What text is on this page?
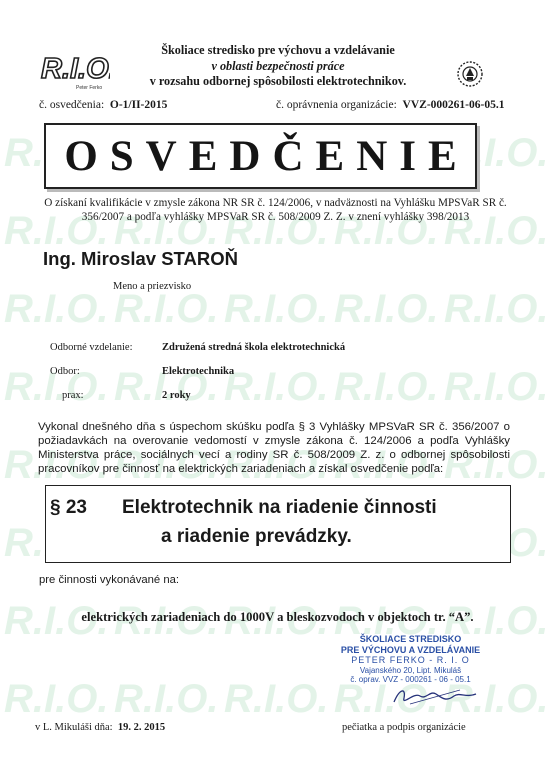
R.I.O.
Peter Ferko
Školiace stredisko pre výchovu a vzdelávanie
v oblasti bezpečnosti práce
v rozsahu odbornej spôsobilosti elektrotechnikov.
č. osvedčenia: O-1/II-2015	č. oprávnenia organizácie: VVZ-000261-06-05.1
OSVEDČENIE
O získaní kvalifikácie v zmysle zákona NR SR č. 124/2006, v nadväznosti na Vyhlášku MPSVaR SR č. 356/2007 a podľa vyhlášky MPSVaR SR č. 508/2009 Z. Z. v znení vyhlášky 398/2013
Ing. Miroslav STAROŇ
Meno a priezvisko
Odborné vzdelanie:	Združená stredná škola elektrotechnická
Odbor:	Elektrotechnika
prax:	2 roky
Vykonal dnešného dňa s úspechom skúšku podľa § 3 Vyhlášky MPSVaR SR č. 356/2007 o požiadavkách na overovanie vedomostí v zmysle zákona č. 124/2006 a podľa Vyhlášky Ministerstva práce, sociálnych vecí a rodiny SR č. 508/2009 Z. z. o odbornej spôsobilosti pracovníkov pre činnosť na elektrických zariadeniach a získal osvedčenie podľa:
§ 23 Elektrotechnik na riadenie činnosti
a riadenie prevádzky.
pre činnosti vykonávané na:
elektrických zariadeniach do 1000V a bleskozvodoch v objektoch tr. “A”.
ŠKOLIACE STREDISKO
PRE VÝCHOVU A VZDELÁVANIE
PETER FERKO - R. I. O
Vajanského 20, Lipt. Mikuláš
č. oprav. VVZ - 000261 - 06 - 05.1
v L. Mikuláši dňa: 19. 2. 2015	pečiatka a podpis organizácie
